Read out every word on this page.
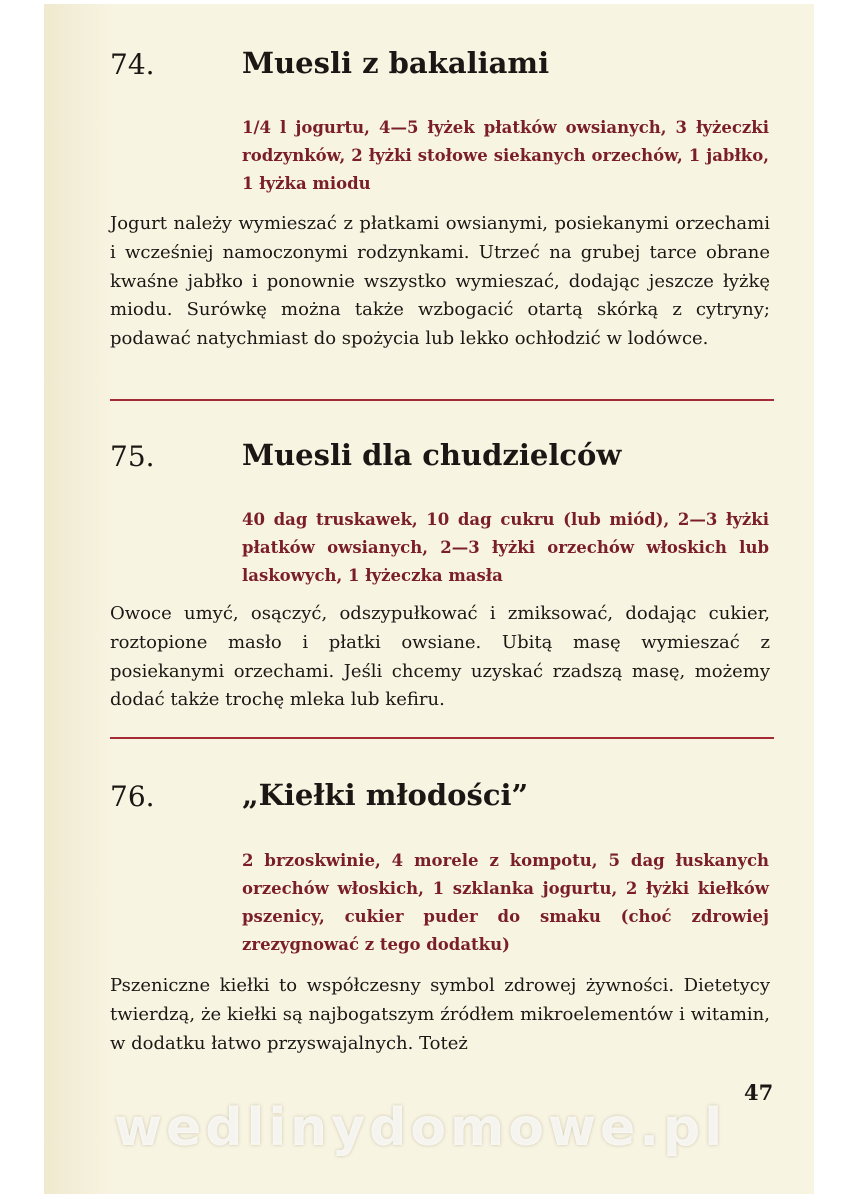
74.	Muesli z bakaliami
1/4 l jogurtu, 4—5 łyżek płatków owsianych, 3 łyżeczki rodzynków, 2 łyżki stołowe siekanych orzechów, 1 jabłko, 1 łyżka miodu
Jogurt należy wymieszać z płatkami owsianymi, posiekanymi orzechami i wcześniej namoczonymi rodzynkami. Utrzeć na grubej tarce obrane kwaśne jabłko i ponownie wszystko wymieszać, dodając jeszcze łyżkę miodu. Surówkę można także wzbogacić otartą skórką z cytryny; podawać natychmiast do spożycia lub lekko ochłodzić w lodówce.
75.	Muesli dla chudzielców
40 dag truskawek, 10 dag cukru (lub miód), 2—3 łyżki płatków owsianych, 2—3 łyżki orzechów włoskich lub laskowych, 1 łyżeczka masła
Owoce umyć, osączyć, odszypułkować i zmiksować, dodając cukier, roztopione masło i płatki owsiane. Ubitą masę wymieszać z posiekanymi orzechami. Jeśli chcemy uzyskać rzadszą masę, możemy dodać także trochę mleka lub kefiru.
76.	„Kiełki młodości”
2 brzoskwinie, 4 morele z kompotu, 5 dag łuskanych orzechów włoskich, 1 szklanka jogurtu, 2 łyżki kiełków pszenicy, cukier puder do smaku (choć zdrowiej zrezygnować z tego dodatku)
Pszeniczne kiełki to współczesny symbol zdrowej żywności. Dietetycy twierdzą, że kiełki są najbogatszym źródłem mikroelementów i witamin, w dodatku łatwo przyswajalnych. Toteż
47
wedlinydomowe.pl
